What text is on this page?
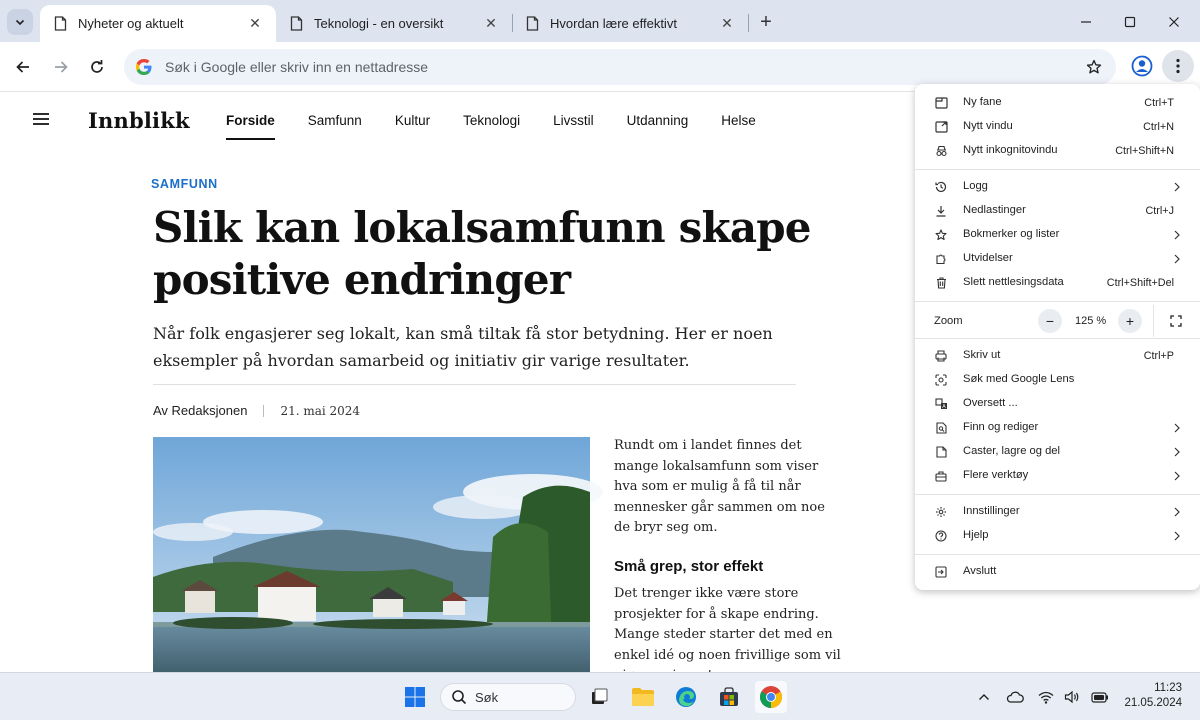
Nyheter og aktuelt	✕	Teknologi - en oversikt	✕	Hvordan lære effektivt	✕ +
Søk i Google eller skriv inn en nettadresse
Innblikk	Forside Samfunn Kultur Teknologi Livsstil Utdanning Helse
SAMFUNN
Slik kan lokalsamfunn skape positive endringer

Når folk engasjerer seg lokalt, kan små tiltak få stor betydning. Her er noen eksempler på hvordan samarbeid og initiativ gir varige resultater.

Av Redaksjonen	21. mai 2024

Rundt om i landet finnes det mange lokalsamfunn som viser hva som er mulig å få til når mennesker går sammen om noe de bryr seg om.

Små grep, stor effekt

Det trenger ikke være store prosjekter for å skape endring. Mange steder starter det med en enkel idé og noen frivillige som vil

Ny fane	Ctrl+T
Nytt vindu	Ctrl+N
Nytt inkognitovindu	Ctrl+Shift+N
Logg
Nedlastinger	Ctrl+J
Bokmerker og lister
Utvidelser
Slett nettlesingsdata	Ctrl+Shift+Del
Zoom	− 125 % +
Skriv ut	Ctrl+P
Søk med Google Lens
A Oversett ...
Finn og rediger
Caster, lagre og del
Flere verktøy
Innstillinger
Hjelp
Avslutt
Søk
11:23
21.05.2024
